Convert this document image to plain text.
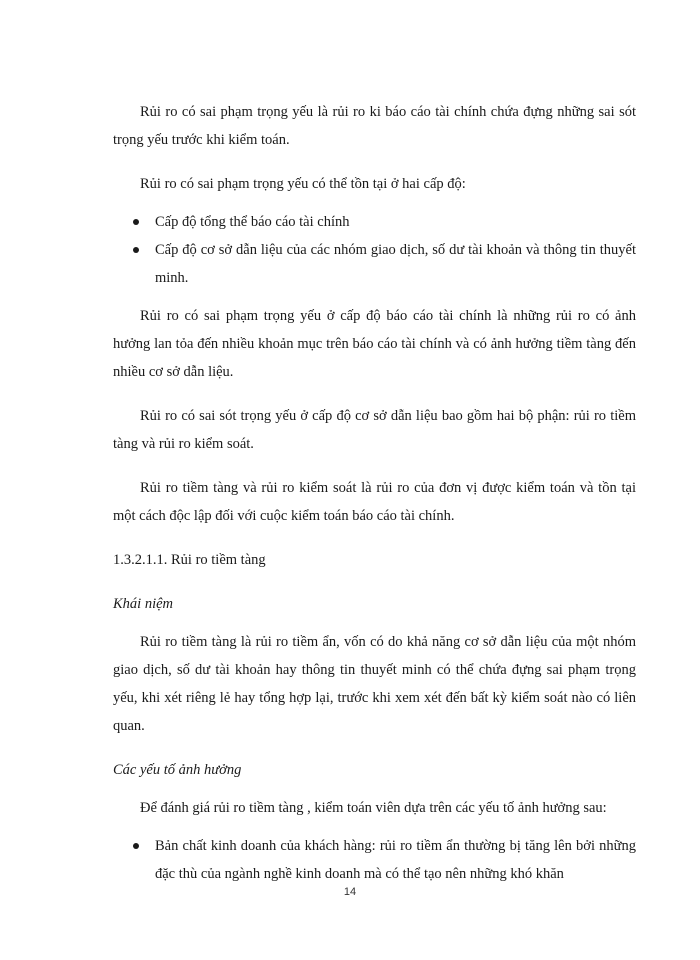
Rủi ro có sai phạm trọng yếu là rủi ro ki báo cáo tài chính chứa đựng những sai sót trọng yếu trước khi kiểm toán.

Rủi ro có sai phạm trọng yếu có thể tồn tại ở hai cấp độ:

Cấp độ tổng thể báo cáo tài chính
Cấp độ cơ sở dẫn liệu của các nhóm giao dịch, số dư tài khoản và thông tin thuyết minh.

Rủi ro có sai phạm trọng yếu ở cấp độ báo cáo tài chính là những rủi ro có ảnh hưởng lan tỏa đến nhiều khoản mục trên báo cáo tài chính và có ảnh hưởng tiềm tàng đến nhiều cơ sở dẫn liệu.

Rủi ro có sai sót trọng yếu ở cấp độ cơ sở dẫn liệu bao gồm hai bộ phận: rủi ro tiềm tàng và rủi ro kiểm soát.

Rủi ro tiềm tàng và rủi ro kiểm soát là rủi ro của đơn vị được kiểm toán và tồn tại một cách độc lập đối với cuộc kiểm toán báo cáo tài chính.

1.3.2.1.1. Rủi ro tiềm tàng

Khái niệm

Rủi ro tiềm tàng là rủi ro tiềm ẩn, vốn có do khả năng cơ sở dẫn liệu của một nhóm giao dịch, số dư tài khoản hay thông tin thuyết minh có thể chứa đựng sai phạm trọng yếu, khi xét riêng lẻ hay tổng hợp lại, trước khi xem xét đến bất kỳ kiểm soát nào có liên quan.

Các yếu tố ảnh hưởng

Để đánh giá rủi ro tiềm tàng , kiểm toán viên dựa trên các yếu tố ảnh hưởng sau:

Bản chất kinh doanh của khách hàng: rủi ro tiềm ẩn thường bị tăng lên bởi những đặc thù của ngành nghề kinh doanh mà có thể tạo nên những khó khăn
14
